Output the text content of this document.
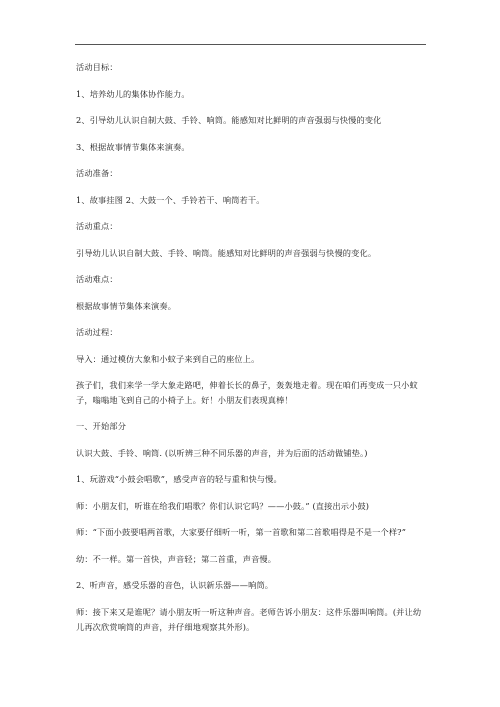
活动目标：

1、培养幼儿的集体协作能力。

2、引导幼儿认识自制大鼓、手铃、响筒。能感知对比鲜明的声音强弱与快慢的变化

3、根据故事情节集体来演奏。

活动准备：

1、故事挂图 2、大鼓一个、手铃若干、响筒若干。

活动重点：

引导幼儿认识自制大鼓、手铃、响筒。能感知对比鲜明的声音强弱与快慢的变化。

活动难点：

根据故事情节集体来演奏。

活动过程：

导入：通过模仿大象和小蚊子来到自己的座位上。

孩子们，我们来学一学大象走路吧，伸着长长的鼻子，轰轰地走着。现在咱们再变成一只小蚊子，嗡嗡地飞到自己的小椅子上。好！小朋友们表现真棒！

一、开始部分

认识大鼓、手铃、响筒. (以听辨三种不同乐器的声音，并为后面的活动做铺垫。)

1、玩游戏“小鼓会唱歌”，感受声音的轻与重和快与慢。

师：小朋友们，听谁在给我们唱歌？你们认识它吗？——小鼓。” (直接出示小鼓)

师：“下面小鼓要唱两首歌，大家要仔细听一听，第一首歌和第二首歌唱得是不是一个样?”

幼：不一样。第一首快，声音轻；第二首重，声音慢。

2、听声音，感受乐器的音色，认识新乐器——响筒。

师：接下来又是谁呢？请小朋友听一听这种声音。老师告诉小朋友：这件乐器叫响筒。(并让幼儿再次欣赏响筒的声音，并仔细地观察其外形)。
